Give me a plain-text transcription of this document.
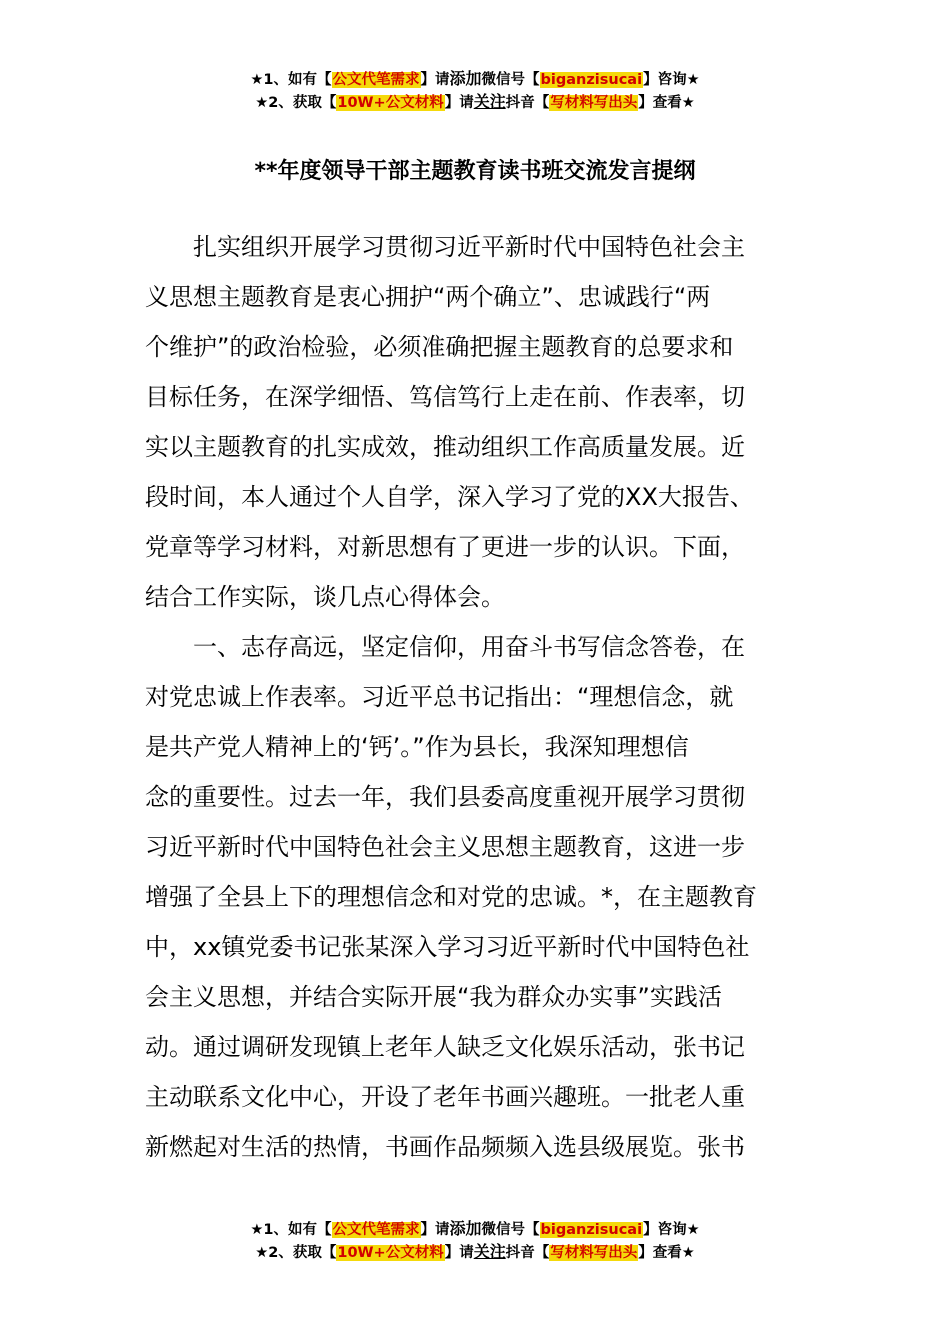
★1、如有【公文代笔需求】请添加微信号【biganzisucai】咨询★
★2、获取【10W+公文材料】请关注抖音【写材料写出头】查看★
**年度领导干部主题教育读书班交流发言提纲
扎实组织开展学习贯彻习近平新时代中国特色社会主
义思想主题教育是衷心拥护“两个确立”、忠诚践行“两
个维护”的政治检验，必须准确把握主题教育的总要求和
目标任务，在深学细悟、笃信笃行上走在前、作表率，切
实以主题教育的扎实成效，推动组织工作高质量发展。近
段时间，本人通过个人自学，深入学习了党的XX大报告、
党章等学习材料，对新思想有了更进一步的认识。下面，
结合工作实际，谈几点心得体会。
一、志存高远，坚定信仰，用奋斗书写信念答卷，在
对党忠诚上作表率。习近平总书记指出：“理想信念，就
是共产党人精神上的‘钙’。”作为县长，我深知理想信
念的重要性。过去一年，我们县委高度重视开展学习贯彻
习近平新时代中国特色社会主义思想主题教育，这进一步
增强了全县上下的理想信念和对党的忠诚。*，在主题教育
中，xx镇党委书记张某深入学习习近平新时代中国特色社
会主义思想，并结合实际开展“我为群众办实事”实践活
动。通过调研发现镇上老年人缺乏文化娱乐活动，张书记
主动联系文化中心，开设了老年书画兴趣班。一批老人重
新燃起对生活的热情，书画作品频频入选县级展览。张书
★1、如有【公文代笔需求】请添加微信号【biganzisucai】咨询★
★2、获取【10W+公文材料】请关注抖音【写材料写出头】查看★
